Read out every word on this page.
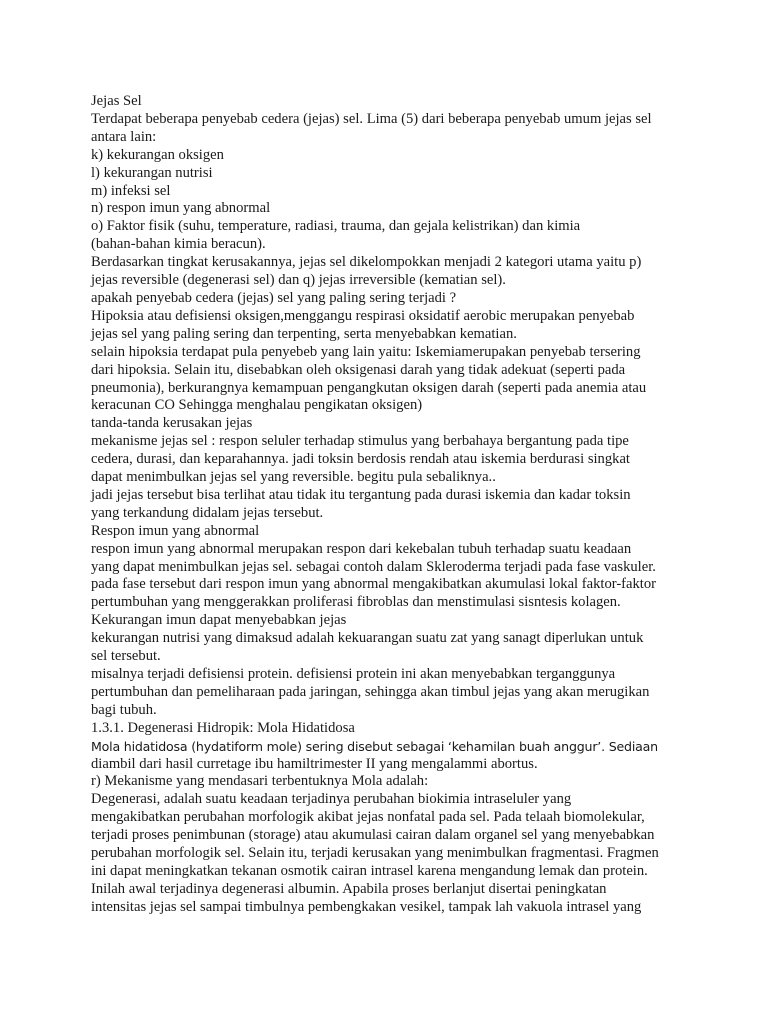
Jejas Sel
Terdapat beberapa penyebab cedera (jejas) sel. Lima (5) dari beberapa penyebab umum jejas sel
antara lain:
k) kekurangan oksigen
l) kekurangan nutrisi
m) infeksi sel
n) respon imun yang abnormal
o) Faktor fisik (suhu, temperature, radiasi, trauma, dan gejala kelistrikan) dan kimia
(bahan-bahan kimia beracun).
Berdasarkan tingkat kerusakannya, jejas sel dikelompokkan menjadi 2 kategori utama yaitu p)
jejas reversible (degenerasi sel) dan q) jejas irreversible (kematian sel).
apakah penyebab cedera (jejas) sel yang paling sering terjadi ?
Hipoksia atau defisiensi oksigen,menggangu respirasi oksidatif aerobic merupakan penyebab
jejas sel yang paling sering dan terpenting, serta menyebabkan kematian.
selain hipoksia terdapat pula penyebeb yang lain yaitu: Iskemiamerupakan penyebab tersering
dari hipoksia. Selain itu, disebabkan oleh oksigenasi darah yang tidak adekuat (seperti pada
pneumonia), berkurangnya kemampuan pengangkutan oksigen darah (seperti pada anemia atau
keracunan CO Sehingga menghalau pengikatan oksigen)
tanda-tanda kerusakan jejas
mekanisme jejas sel : respon seluler terhadap stimulus yang berbahaya bergantung pada tipe
cedera, durasi, dan keparahannya. jadi toksin berdosis rendah atau iskemia berdurasi singkat
dapat menimbulkan jejas sel yang reversible. begitu pula sebaliknya..
jadi jejas tersebut bisa terlihat atau tidak itu tergantung pada durasi iskemia dan kadar toksin
yang terkandung didalam jejas tersebut.
Respon imun yang abnormal
respon imun yang abnormal merupakan respon dari kekebalan tubuh terhadap suatu keadaan
yang dapat menimbulkan jejas sel. sebagai contoh dalam Skleroderma terjadi pada fase vaskuler.
pada fase tersebut dari respon imun yang abnormal mengakibatkan akumulasi lokal faktor-faktor
pertumbuhan yang menggerakkan proliferasi fibroblas dan menstimulasi sisntesis kolagen.
Kekurangan imun dapat menyebabkan jejas
kekurangan nutrisi yang dimaksud adalah kekuarangan suatu zat yang sanagt diperlukan untuk
sel tersebut.
misalnya terjadi defisiensi protein. defisiensi protein ini akan menyebabkan terganggunya
pertumbuhan dan pemeliharaan pada jaringan, sehingga akan timbul jejas yang akan merugikan
bagi tubuh.
1.3.1. Degenerasi Hidropik: Mola Hidatidosa
Mola hidatidosa (hydatiform mole) sering disebut sebagai ‘kehamilan buah anggur’. Sediaan
diambil dari hasil curretage ibu hamiltrimester II yang mengalammi abortus.
r) Mekanisme yang mendasari terbentuknya Mola adalah:
Degenerasi, adalah suatu keadaan terjadinya perubahan biokimia intraseluler yang
mengakibatkan perubahan morfologik akibat jejas nonfatal pada sel. Pada telaah biomolekular,
terjadi proses penimbunan (storage) atau akumulasi cairan dalam organel sel yang menyebabkan
perubahan morfologik sel. Selain itu, terjadi kerusakan yang menimbulkan fragmentasi. Fragmen
ini dapat meningkatkan tekanan osmotik cairan intrasel karena mengandung lemak dan protein.
Inilah awal terjadinya degenerasi albumin. Apabila proses berlanjut disertai peningkatan
intensitas jejas sel sampai timbulnya pembengkakan vesikel, tampak lah vakuola intrasel yang
